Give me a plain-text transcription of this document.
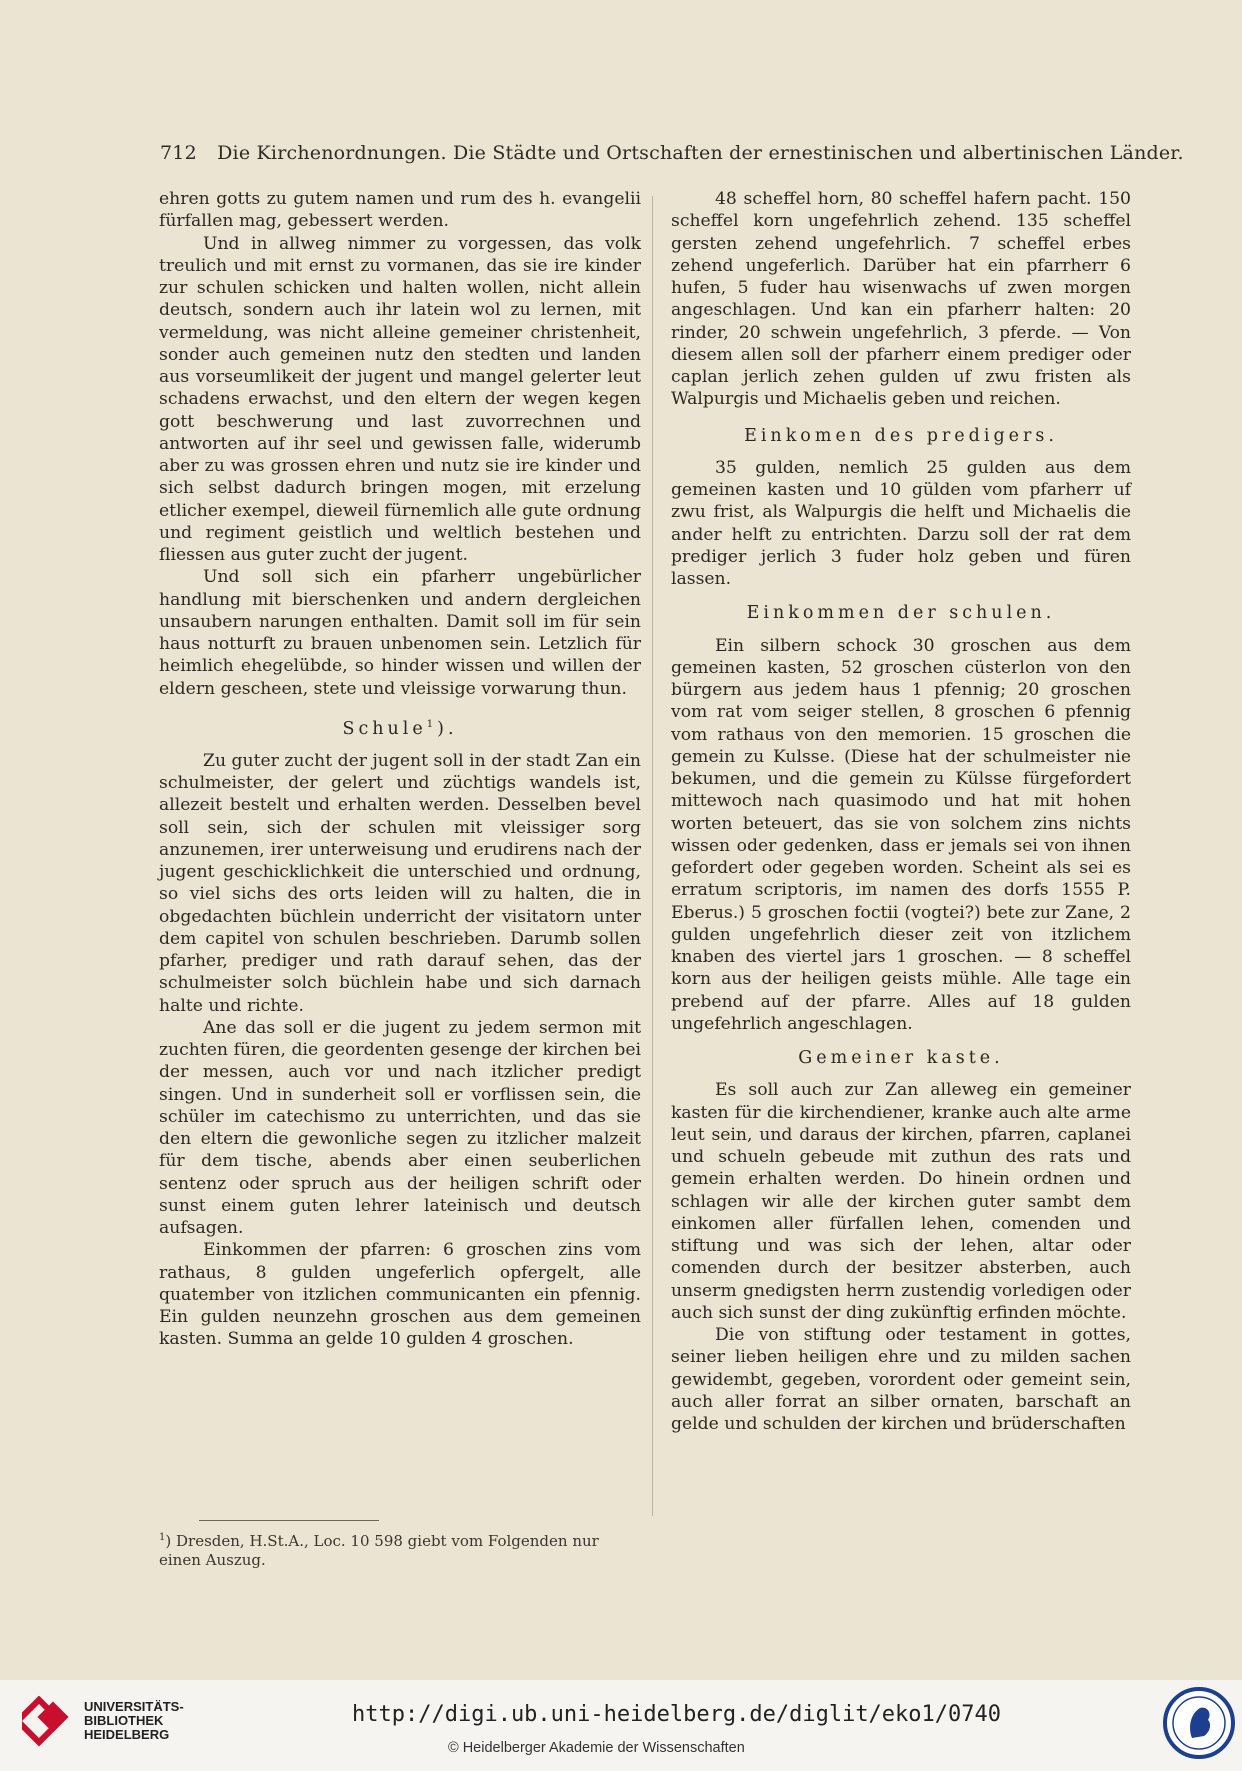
712 Die Kirchenordnungen. Die Städte und Ortschaften der ernestinischen und albertinischen Länder.

ehren gotts zu gutem namen und rum des h. evangelii fürfallen mag, gebessert werden.

Und in allweg nimmer zu vorgessen, das volk treulich und mit ernst zu vormanen, das sie ire kinder zur schulen schicken und halten wollen, nicht allein deutsch, sondern auch ihr latein wol zu lernen, mit vermeldung, was nicht alleine gemeiner christenheit, sonder auch gemeinen nutz den stedten und landen aus vorseumlikeit der jugent und mangel gelerter leut schadens erwachst, und den eltern der wegen kegen gott beschwerung und last zuvorrechnen und antworten auf ihr seel und gewissen falle, widerumb aber zu was grossen ehren und nutz sie ire kinder und sich selbst dadurch bringen mogen, mit erzelung etlicher exempel, dieweil fürnemlich alle gute ordnung und regiment geistlich und weltlich bestehen und fliessen aus guter zucht der jugent.

Und soll sich ein pfarherr ungebürlicher handlung mit bierschenken und andern dergleichen unsaubern narungen enthalten. Damit soll im für sein haus notturft zu brauen unbenomen sein. Letzlich für heimlich ehegelübde, so hinder wissen und willen der eldern gescheen, stete und vleissige vorwarung thun.

Schule$^1$).

Zu guter zucht der jugent soll in der stadt Zan ein schulmeister, der gelert und züchtigs wandels ist, allezeit bestelt und erhalten werden. Desselben bevel soll sein, sich der schulen mit vleissiger sorg anzunemen, irer unterweisung und erudirens nach der jugent geschicklichkeit die unterschied und ordnung, so viel sichs des orts leiden will zu halten, die in obgedachten büchlein underricht der visitatorn unter dem capitel von schulen beschrieben. Darumb sollen pfarher, prediger und rath darauf sehen, das der schulmeister solch büchlein habe und sich darnach halte und richte.

Ane das soll er die jugent zu jedem sermon mit zuchten füren, die geordenten gesenge der kirchen bei der messen, auch vor und nach itzlicher predigt singen. Und in sunderheit soll er vorflissen sein, die schüler im catechismo zu unterrichten, und das sie den eltern die gewonliche segen zu itzlicher malzeit für dem tische, abends aber einen seuberlichen sentenz oder spruch aus der heiligen schrift oder sunst einem guten lehrer lateinisch und deutsch aufsagen.

Einkommen der pfarren: 6 groschen zins vom rathaus, 8 gulden ungeferlich opfergelt, alle quatember von itzlichen communicanten ein pfennig. Ein gulden neunzehn groschen aus dem gemeinen kasten. Summa an gelde 10 gulden 4 groschen.

48 scheffel horn, 80 scheffel hafern pacht. 150 scheffel korn ungefehrlich zehend. 135 scheffel gersten zehend ungefehrlich. 7 scheffel erbes zehend ungeferlich. Darüber hat ein pfarrherr 6 hufen, 5 fuder hau wisenwachs uf zwen morgen angeschlagen. Und kan ein pfarherr halten: 20 rinder, 20 schwein ungefehrlich, 3 pferde. — Von diesem allen soll der pfarherr einem prediger oder caplan jerlich zehen gulden uf zwu fristen als Walpurgis und Michaelis geben und reichen.

Einkomen des predigers.

35 gulden, nemlich 25 gulden aus dem gemeinen kasten und 10 gülden vom pfarherr uf zwu frist, als Walpurgis die helft und Michaelis die ander helft zu entrichten. Darzu soll der rat dem prediger jerlich 3 fuder holz geben und füren lassen.

Einkommen der schulen.

Ein silbern schock 30 groschen aus dem gemeinen kasten, 52 groschen cüsterlon von den bürgern aus jedem haus 1 pfennig; 20 groschen vom rat vom seiger stellen, 8 groschen 6 pfennig vom rathaus von den memorien. 15 groschen die gemein zu Kulsse. (Diese hat der schulmeister nie bekumen, und die gemein zu Külsse fürgefordert mittewoch nach quasimodo und hat mit hohen worten beteuert, das sie von solchem zins nichts wissen oder gedenken, dass er jemals sei von ihnen gefordert oder gegeben worden. Scheint als sei es erratum scriptoris, im namen des dorfs 1555 P. Eberus.) 5 groschen foctii (vogtei?) bete zur Zane, 2 gulden ungefehrlich dieser zeit von itzlichem knaben des viertel jars 1 groschen. — 8 scheffel korn aus der heiligen geists mühle. Alle tage ein prebend auf der pfarre. Alles auf 18 gulden ungefehrlich angeschlagen.

Gemeiner kaste.

Es soll auch zur Zan alleweg ein gemeiner kasten für die kirchendiener, kranke auch alte arme leut sein, und daraus der kirchen, pfarren, caplanei und schueln gebeude mit zuthun des rats und gemein erhalten werden. Do hinein ordnen und schlagen wir alle der kirchen guter sambt dem einkomen aller fürfallen lehen, comenden und stiftung und was sich der lehen, altar oder comenden durch der besitzer absterben, auch unserm gnedigsten herrn zustendig vorledigen oder auch sich sunst der ding zukünftig erfinden möchte.

Die von stiftung oder testament in gottes, seiner lieben heiligen ehre und zu milden sachen gewidembt, gegeben, vorordent oder gemeint sein, auch aller forrat an silber ornaten, barschaft an gelde und schulden der kirchen und brüderschaften

$^1$) Dresden, H.St.A., Loc. 10 598 giebt vom Folgenden nur einen Auszug.
UNIVERSITÄTS-
BIBLIOTHEK
HEIDELBERG
http://digi.ub.uni-heidelberg.de/diglit/eko1/0740
© Heidelberger Akademie der Wissenschaften
